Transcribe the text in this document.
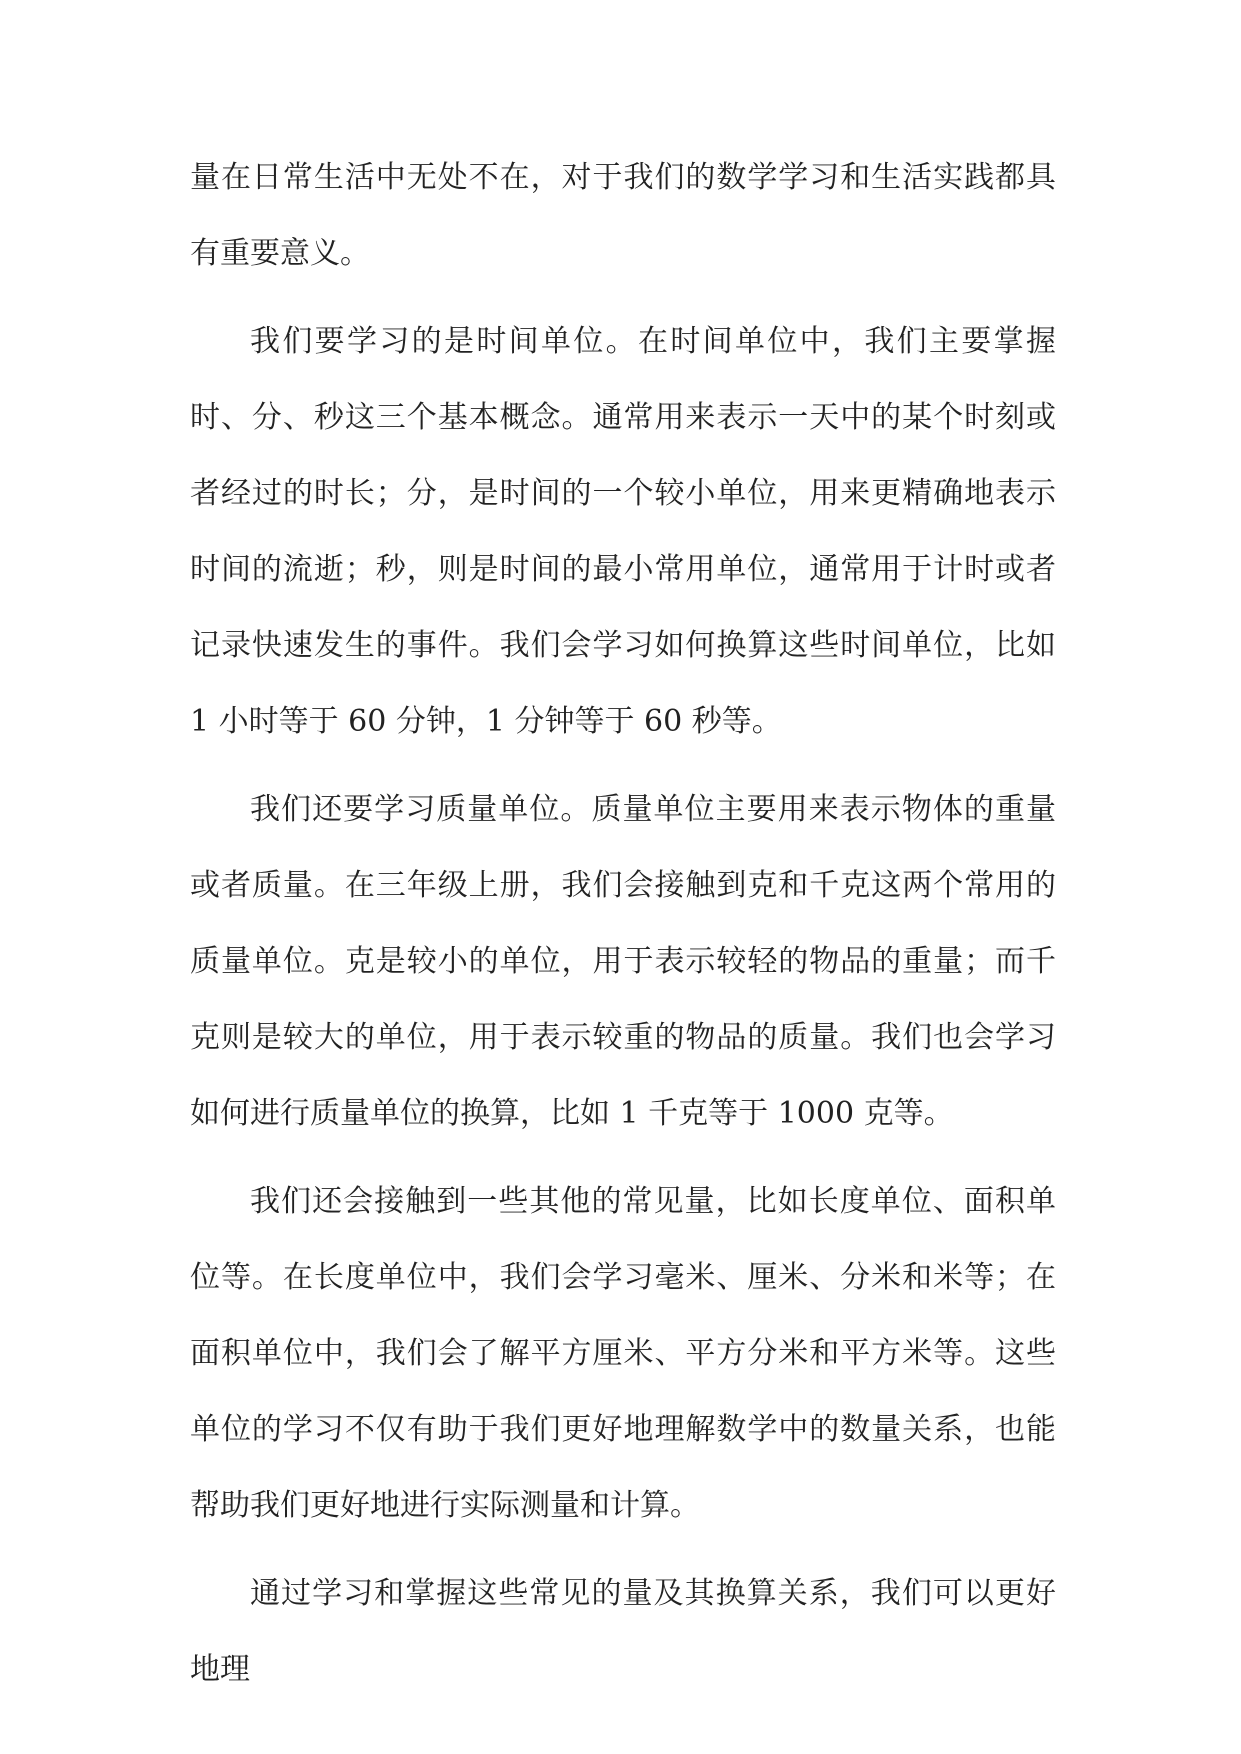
量在日常生活中无处不在，对于我们的数学学习和生活实践都具有重要意义。

我们要学习的是时间单位。在时间单位中，我们主要掌握时、分、秒这三个基本概念。通常用来表示一天中的某个时刻或者经过的时长；分，是时间的一个较小单位，用来更精确地表示时间的流逝；秒，则是时间的最小常用单位，通常用于计时或者记录快速发生的事件。我们会学习如何换算这些时间单位，比如 1 小时等于 60 分钟，1 分钟等于 60 秒等。

我们还要学习质量单位。质量单位主要用来表示物体的重量或者质量。在三年级上册，我们会接触到克和千克这两个常用的质量单位。克是较小的单位，用于表示较轻的物品的重量；而千克则是较大的单位，用于表示较重的物品的质量。我们也会学习如何进行质量单位的换算，比如 1 千克等于 1000 克等。

我们还会接触到一些其他的常见量，比如长度单位、面积单位等。在长度单位中，我们会学习毫米、厘米、分米和米等；在面积单位中，我们会了解平方厘米、平方分米和平方米等。这些单位的学习不仅有助于我们更好地理解数学中的数量关系，也能帮助我们更好地进行实际测量和计算。

通过学习和掌握这些常见的量及其换算关系，我们可以更好地理
